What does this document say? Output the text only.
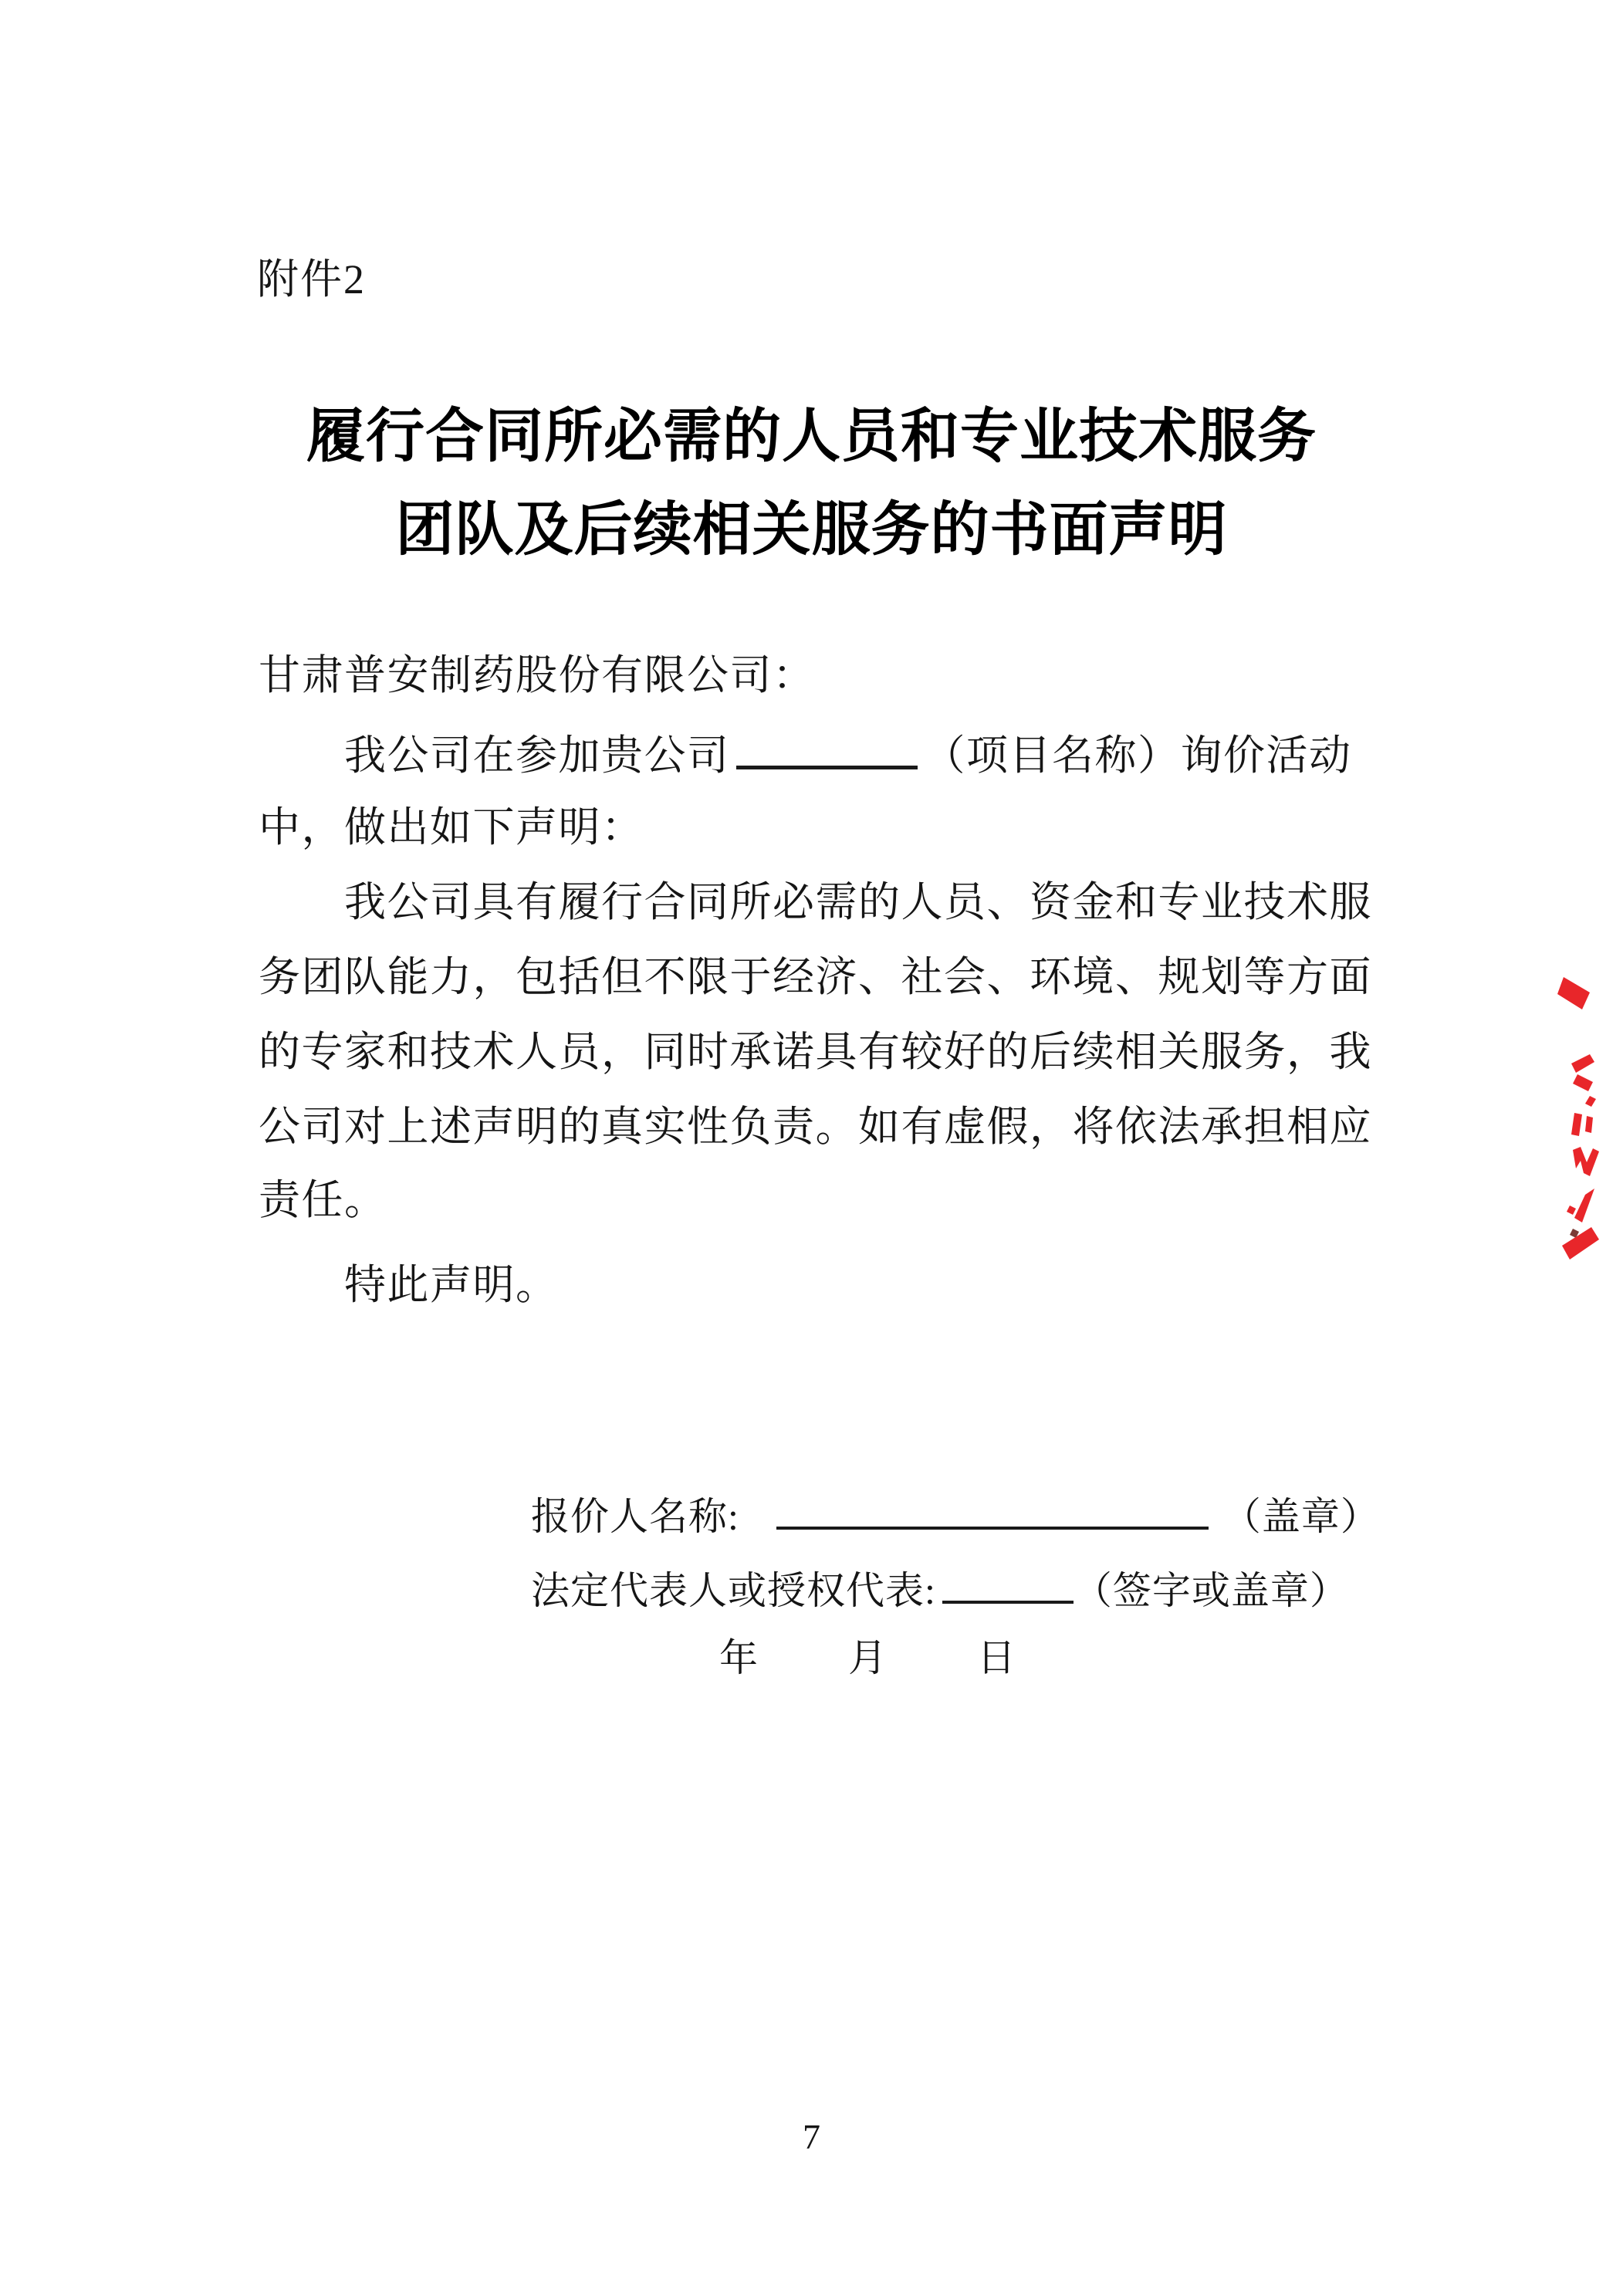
附件2
履行合同所必需的人员和专业技术服务
团队及后续相关服务的书面声明
甘肃普安制药股份有限公司：
我公司在参加贵公司	（项目名称）询价活动
中，做出如下声明：
我公司具有履行合同所必需的人员、资金和专业技术服
务团队能力，包括但不限于经济、社会、环境、规划等方面
的专家和技术人员，同时承诺具有较好的后续相关服务，我
公司对上述声明的真实性负责。如有虚假，将依法承担相应
责任。
特此声明。
报价人名称:	（盖章）
法定代表人或授权代表:	（签字或盖章）
年 月 日
7
